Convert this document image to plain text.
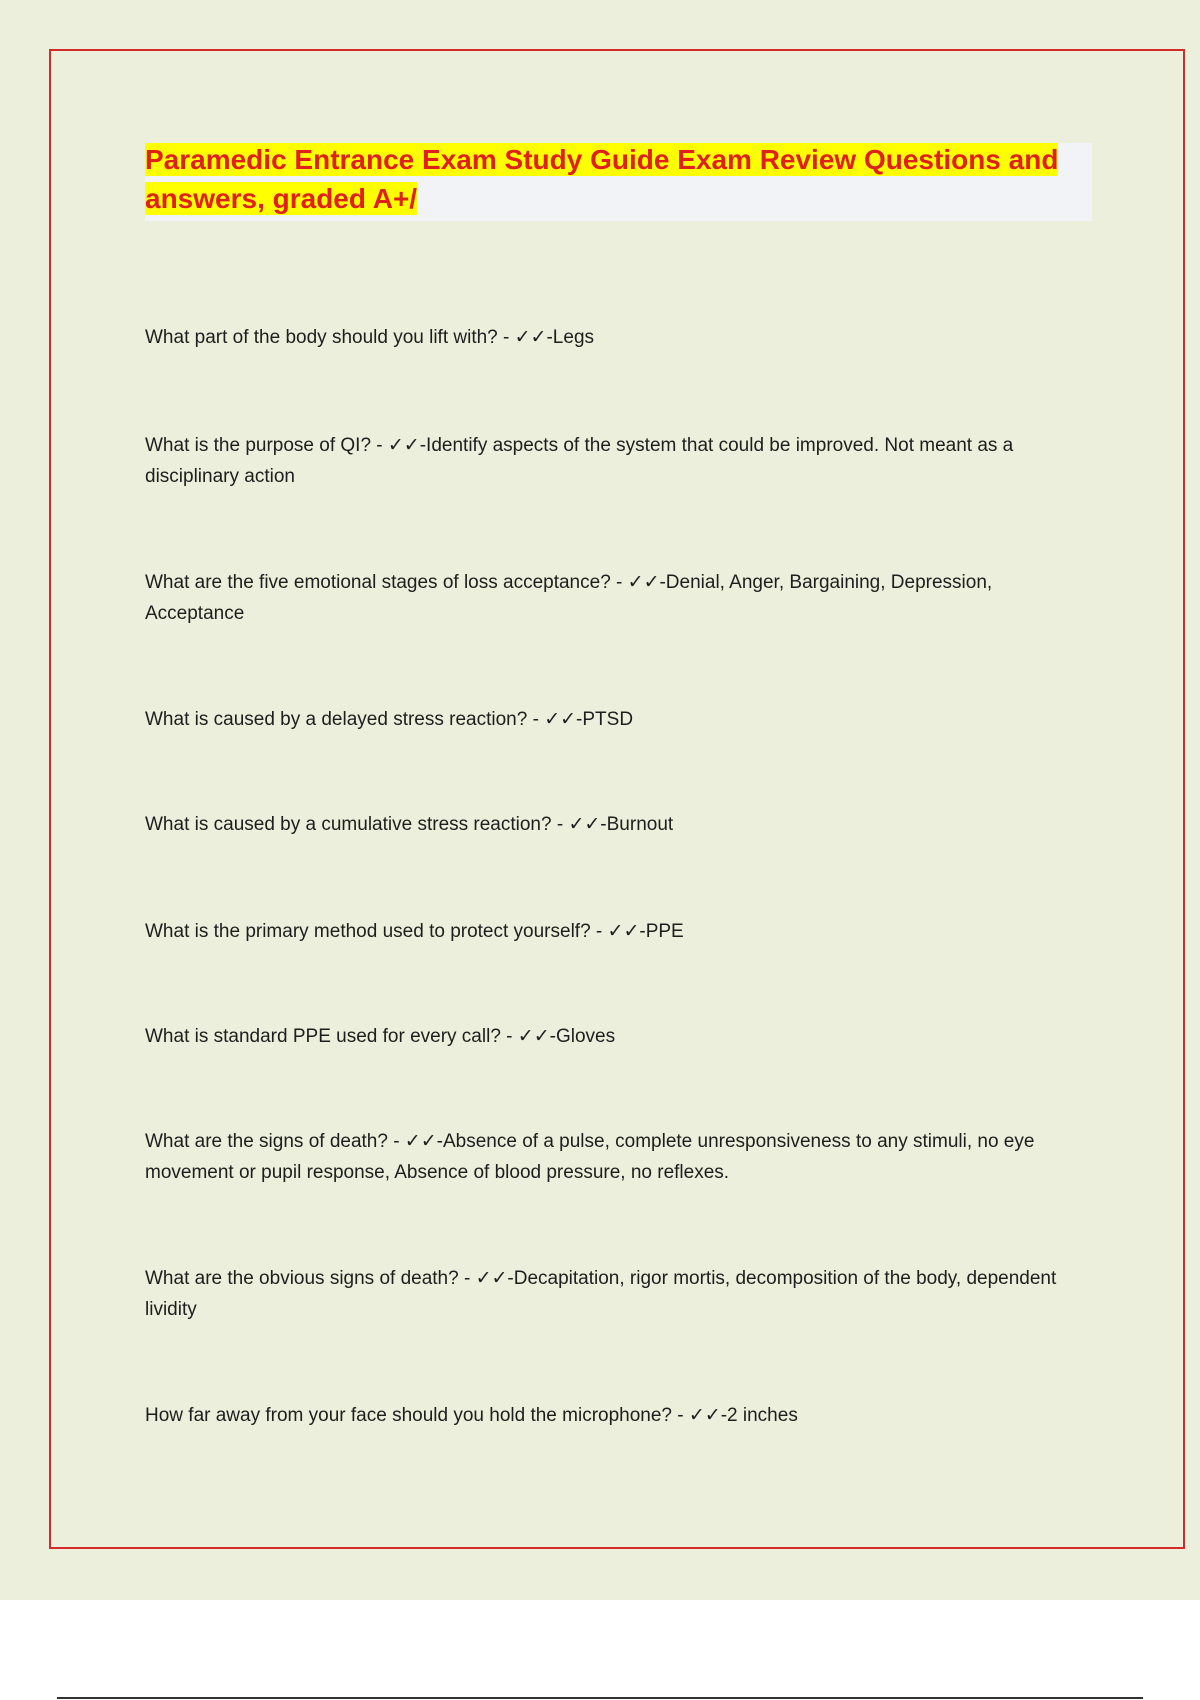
Paramedic Entrance Exam Study Guide Exam Review Questions and answers, graded A+/

What part of the body should you lift with? - ✓✓-Legs

What is the purpose of QI? - ✓✓-Identify aspects of the system that could be improved. Not meant as a disciplinary action

What are the five emotional stages of loss acceptance? - ✓✓-Denial, Anger, Bargaining, Depression, Acceptance

What is caused by a delayed stress reaction? - ✓✓-PTSD

What is caused by a cumulative stress reaction? - ✓✓-Burnout

What is the primary method used to protect yourself? - ✓✓-PPE

What is standard PPE used for every call? - ✓✓-Gloves

What are the signs of death? - ✓✓-Absence of a pulse, complete unresponsiveness to any stimuli, no eye movement or pupil response, Absence of blood pressure, no reflexes.

What are the obvious signs of death? - ✓✓-Decapitation, rigor mortis, decomposition of the body, dependent lividity

How far away from your face should you hold the microphone? - ✓✓-2 inches
